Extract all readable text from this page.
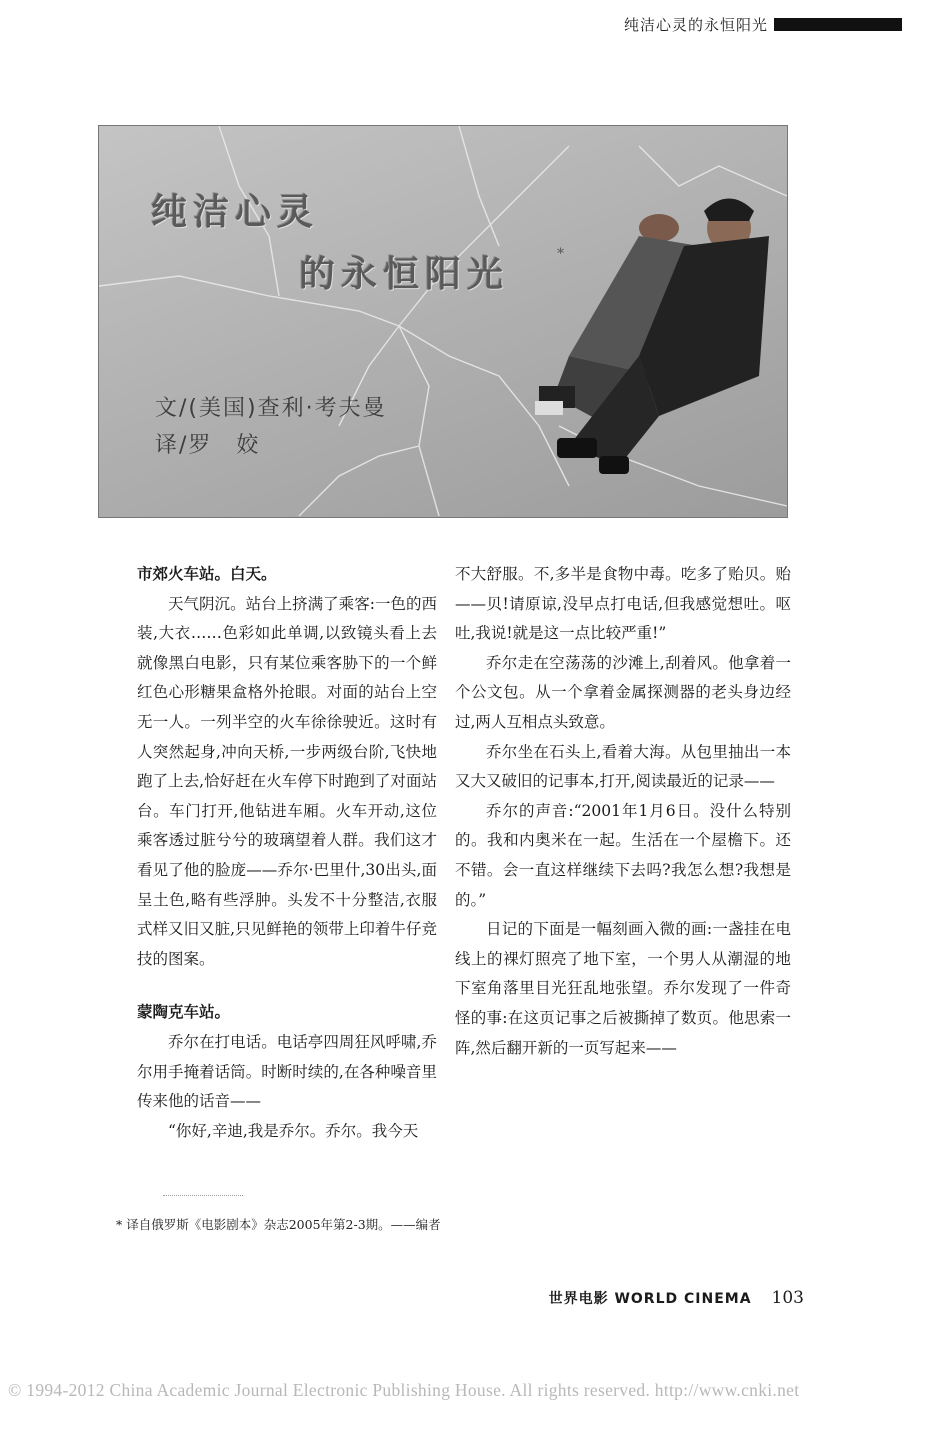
纯洁心灵的永恒阳光
纯洁心灵
的永恒阳光	*
文/(美国)查利·考夫曼
译/罗　姣
市郊火车站。白天。

天气阴沉。站台上挤满了乘客:一色的西装,大衣……色彩如此单调,以致镜头看上去就像黑白电影，只有某位乘客胁下的一个鲜红色心形糖果盒格外抢眼。对面的站台上空无一人。一列半空的火车徐徐驶近。这时有人突然起身,冲向天桥,一步两级台阶,飞快地跑了上去,恰好赶在火车停下时跑到了对面站台。车门打开,他钻进车厢。火车开动,这位乘客透过脏兮兮的玻璃望着人群。我们这才看见了他的脸庞——乔尔·巴里什,30出头,面呈土色,略有些浮肿。头发不十分整洁,衣服式样又旧又脏,只见鲜艳的领带上印着牛仔竞技的图案。

蒙陶克车站。

乔尔在打电话。电话亭四周狂风呼啸,乔尔用手掩着话筒。时断时续的,在各种噪音里传来他的话音——

“你好,辛迪,我是乔尔。乔尔。我今天

不大舒服。不,多半是食物中毒。吃多了贻贝。贻——贝!请原谅,没早点打电话,但我感觉想吐。呕吐,我说!就是这一点比较严重!”

乔尔走在空荡荡的沙滩上,刮着风。他拿着一个公文包。从一个拿着金属探测器的老头身边经过,两人互相点头致意。

乔尔坐在石头上,看着大海。从包里抽出一本又大又破旧的记事本,打开,阅读最近的记录——

乔尔的声音:“2001年1月6日。没什么特别的。我和内奥米在一起。生活在一个屋檐下。还不错。会一直这样继续下去吗?我怎么想?我想是的。”

日记的下面是一幅刻画入微的画:一盏挂在电线上的裸灯照亮了地下室，一个男人从潮湿的地下室角落里目光狂乱地张望。乔尔发现了一件奇怪的事:在这页记事之后被撕掉了数页。他思索一阵,然后翻开新的一页写起来——

* 译自俄罗斯《电影剧本》杂志2005年第2-3期。——编者
世界电影 WORLD CINEMA 103
© 1994-2012 China Academic Journal Electronic Publishing House. All rights reserved. http://www.cnki.net
